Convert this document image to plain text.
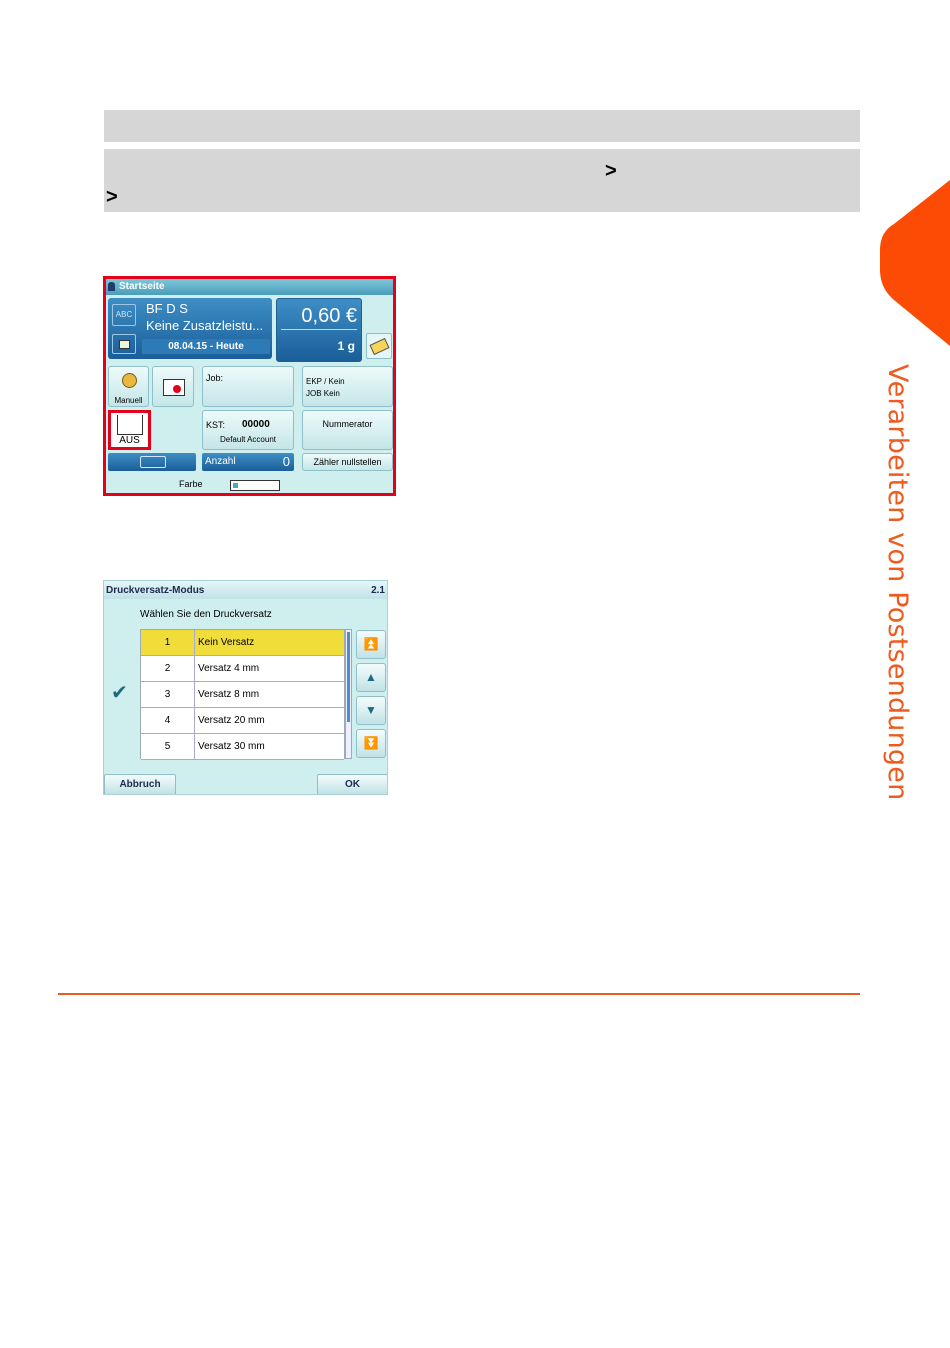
>
>
Verarbeiten von Postsendungen
Startseite
ABC BF D S
Keine Zusatzleistu...
08.04.15 - Heute
0,60 €
1 g
Manuell
AUS
Job:	EKP / Kein
JOB Kein
KST: 00000
Default Account
Nummerator
Anzahl	0	Zähler nullstellen
Farbe
Druckversatz-Modus	2.1
Wählen Sie den Druckversatz
1	Kein Versatz
2	Versatz 4 mm
3	Versatz 8 mm
4	Versatz 20 mm
5	Versatz 30 mm
✔
⏫
▲
▼
⏬
Abbruch	OK
